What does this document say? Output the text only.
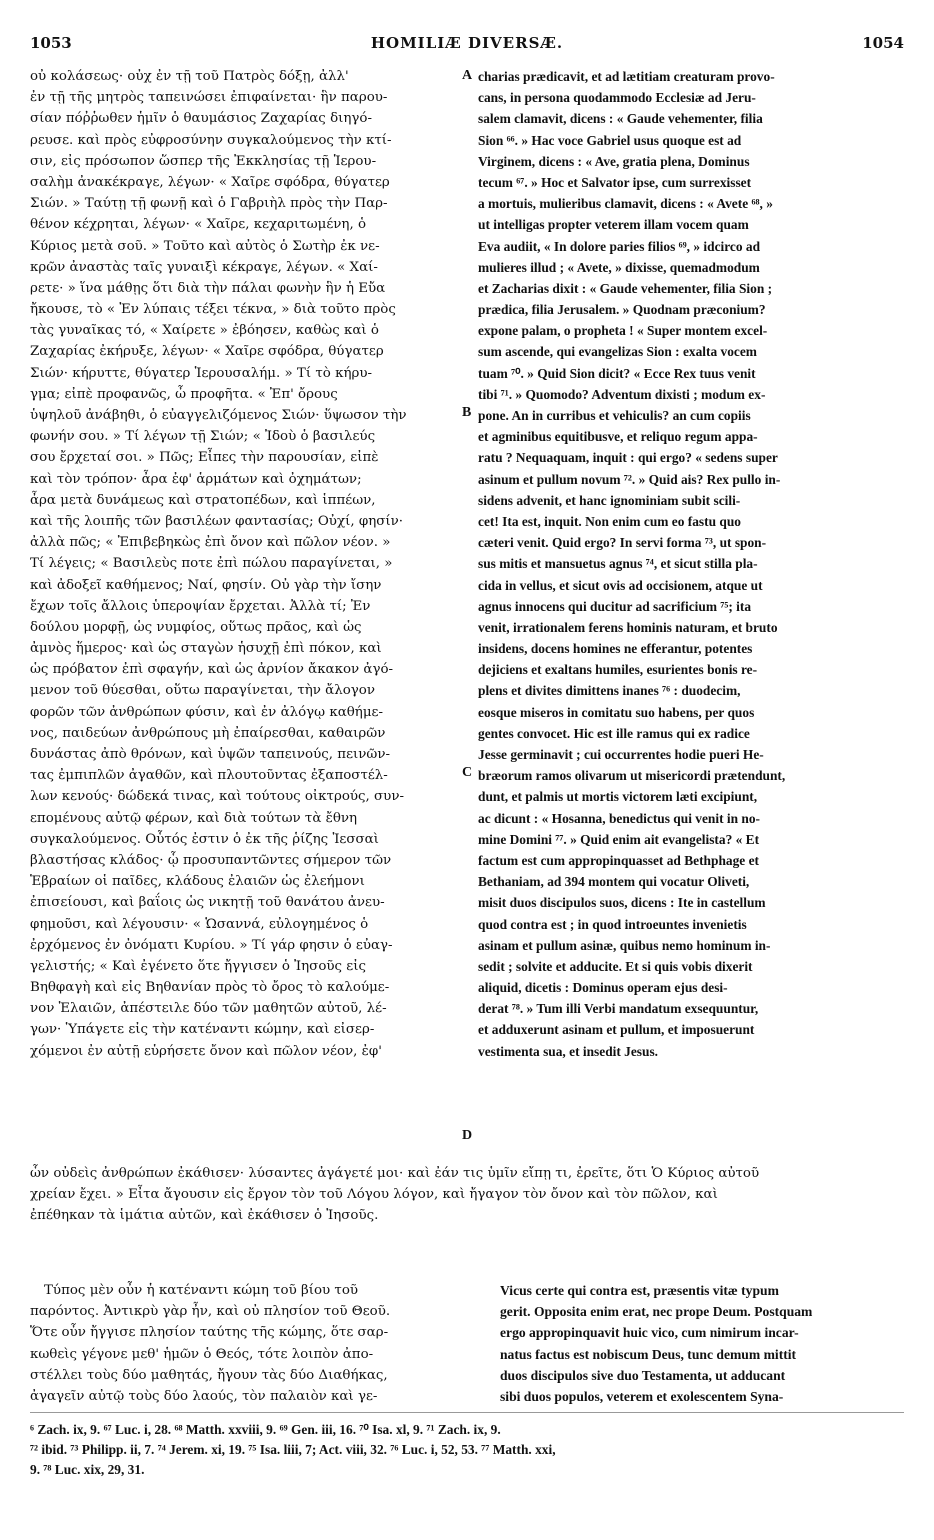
1053	HOMILIÆ DIVERSÆ.	1054
οὐ κολάσεως· οὐχ ἐν τῇ τοῦ Πατρὸς δόξῃ, ἀλλ'
ἐν τῇ τῆς μητρὸς ταπεινώσει ἐπιφαίνεται· ἣν παρου-
σίαν πόῤῥωθεν ἡμῖν ὁ θαυμάσιος Ζαχαρίας διηγό-
ρευσε. καὶ πρὸς εὐφροσύνην συγκαλούμενος τὴν κτί-
σιν, εἰς πρόσωπον ὥσπερ τῆς Ἐκκλησίας τῇ Ἱερου-
σαλὴμ ἀνακέκραγε, λέγων· « Χαῖρε σφόδρα, θύγατερ
Σιών. » Ταύτῃ τῇ φωνῇ καὶ ὁ Γαβριὴλ πρὸς τὴν Παρ-
θένον κέχρηται, λέγων· « Χαῖρε, κεχαριτωμένη, ὁ
Κύριος μετὰ σοῦ. » Τοῦτο καὶ αὐτὸς ὁ Σωτὴρ ἐκ νε-
κρῶν ἀναστὰς ταῖς γυναιξὶ κέκραγε, λέγων. « Χαί-
ρετε· » ἵνα μάθῃς ὅτι διὰ τὴν πάλαι φωνὴν ἣν ἡ Εὔα
ἤκουσε, τὸ « Ἐν λύπαις τέξει τέκνα, » διὰ τοῦτο πρὸς
τὰς γυναῖκας τό, « Χαίρετε » ἐβόησεν, καθὼς καὶ ὁ
Ζαχαρίας ἐκήρυξε, λέγων· « Χαῖρε σφόδρα, θύγατερ
Σιών· κήρυττε, θύγατερ Ἱερουσαλήμ. » Τί τὸ κήρυ-
γμα; εἰπὲ προφανῶς, ὦ προφῆτα. « Ἐπ' ὄρους
ὑψηλοῦ ἀνάβηθι, ὁ εὐαγγελιζόμενος Σιών· ὕψωσον τὴν
φωνήν σου. » Τί λέγων τῇ Σιών; « Ἰδοὺ ὁ βασιλεύς
σου ἔρχεταί σοι. » Πῶς; Εἶπες τὴν παρουσίαν, εἰπὲ
καὶ τὸν τρόπον· ἆρα ἐφ' ἁρμάτων καὶ ὀχημάτων;
ἆρα μετὰ δυνάμεως καὶ στρατοπέδων, καὶ ἱππέων,
καὶ τῆς λοιπῆς τῶν βασιλέων φαντασίας; Οὐχί, φησίν·
ἀλλὰ πῶς; « Ἐπιβεβηκὼς ἐπὶ ὄνον καὶ πῶλον νέον. »
Τί λέγεις; « Βασιλεὺς ποτε ἐπὶ πώλου παραγίνεται, »
καὶ ἀδοξεῖ καθήμενος; Ναί, φησίν. Οὐ γὰρ τὴν ἴσην
ἔχων τοῖς ἄλλοις ὑπεροψίαν ἔρχεται. Ἀλλὰ τί; Ἐν
δούλου μορφῇ, ὡς νυμφίος, οὕτως πρᾶος, καὶ ὡς
ἀμνὸς ἥμερος· καὶ ὡς σταγὼν ἡσυχῇ ἐπὶ πόκον, καὶ
ὡς πρόβατον ἐπὶ σφαγήν, καὶ ὡς ἀρνίον ἄκακον ἀγό-
μενον τοῦ θύεσθαι, οὕτω παραγίνεται, τὴν ἄλογον
φορῶν τῶν ἀνθρώπων φύσιν, καὶ ἐν ἀλόγῳ καθήμε-
νος, παιδεύων ἀνθρώπους μὴ ἐπαίρεσθαι, καθαιρῶν
δυνάστας ἀπὸ θρόνων, καὶ ὑψῶν ταπεινούς, πεινῶν-
τας ἐμπιπλῶν ἀγαθῶν, καὶ πλουτοῦντας ἐξαποστέλ-
λων κενούς· δώδεκά τινας, καὶ τούτους οἰκτρούς, συν-
επομένους αὐτῷ φέρων, καὶ διὰ τούτων τὰ ἔθνη
συγκαλούμενος. Οὗτός ἐστιν ὁ ἐκ τῆς ῥίζης Ἰεσσαὶ
βλαστήσας κλάδος· ᾧ προσυπαντῶντες σήμερον τῶν
Ἑβραίων οἱ παῖδες, κλάδους ἐλαιῶν ὡς ἐλεήμονι
ἐπισείουσι, καὶ βαΐοις ὡς νικητῇ τοῦ θανάτου ἀνευ-
φημοῦσι, καὶ λέγουσιν· « Ὡσαννά, εὐλογημένος ὁ
ἐρχόμενος ἐν ὀνόματι Κυρίου. » Τί γάρ φησιν ὁ εὐαγ-
γελιστής; « Καὶ ἐγένετο ὅτε ἤγγισεν ὁ Ἰησοῦς εἰς
Βηθφαγὴ καὶ εἰς Βηθανίαν πρὸς τὸ ὄρος τὸ καλούμε-
νον Ἐλαιῶν, ἀπέστειλε δύο τῶν μαθητῶν αὐτοῦ, λέ-
γων· Ὑπάγετε εἰς τὴν κατέναντι κώμην, καὶ εἰσερ-
χόμενοι ἐν αὐτῇ εὑρήσετε ὄνον καὶ πῶλον νέον, ἐφ'
charias prædicavit, et ad lætitiam creaturam provo-
cans, in persona quodammodo Ecclesiæ ad Jeru-
salem clamavit, dicens : « Gaude vehementer, filia
Sion ⁶⁶. » Hac voce Gabriel usus quoque est ad
Virginem, dicens : « Ave, gratia plena, Dominus
tecum ⁶⁷. » Hoc et Salvator ipse, cum surrexisset
a mortuis, mulieribus clamavit, dicens : « Avete ⁶⁸, »
ut intelligas propter veterem illam vocem quam
Eva audiit, « In dolore paries filios ⁶⁹, » idcirco ad
mulieres illud ; « Avete, » dixisse, quemadmodum
et Zacharias dixit : « Gaude vehementer, filia Sion ;
prædica, filia Jerusalem. » Quodnam præconium?
expone palam, o propheta ! « Super montem excel-
sum ascende, qui evangelizas Sion : exalta vocem
tuam ⁷⁰. » Quid Sion dicit? « Ecce Rex tuus venit
tibi ⁷¹. » Quomodo? Adventum dixisti ; modum ex-
pone. An in curribus et vehiculis? an cum copiis
et agminibus equitibusve, et reliquo regum appa-
ratu ? Nequaquam, inquit : qui ergo? « sedens super
asinum et pullum novum ⁷². » Quid ais? Rex pullo in-
sidens advenit, et hanc ignominiam subit scili-
cet! Ita est, inquit. Non enim cum eo fastu quo
cæteri venit. Quid ergo? In servi forma ⁷³, ut spon-
sus mitis et mansuetus agnus ⁷⁴, et sicut stilla pla-
cida in vellus, et sicut ovis ad occisionem, atque ut
agnus innocens qui ducitur ad sacrificium ⁷⁵; ita
venit, irrationalem ferens hominis naturam, et bruto
insidens, docens homines ne efferantur, potentes
dejiciens et exaltans humiles, esurientes bonis re-
plens et divites dimittens inanes ⁷⁶ : duodecim,
eosque miseros in comitatu suo habens, per quos
gentes convocet. Hic est ille ramus qui ex radice
Jesse germinavit ; cui occurrentes hodie pueri He-
bræorum ramos olivarum ut misericordi prætendunt,
dunt, et palmis ut mortis victorem læti excipiunt,
ac dicunt : « Hosanna, benedictus qui venit in no-
mine Domini ⁷⁷. » Quid enim ait evangelista? « Et
factum est cum appropinquasset ad Bethphage et
Bethaniam, ad 394 montem qui vocatur Oliveti,
misit duos discipulos suos, dicens : Ite in castellum
quod contra est ; in quod introeuntes invenietis
asinam et pullum asinæ, quibus nemo hominum in-
sedit ; solvite et adducite. Et si quis vobis dixerit
aliquid, dicetis : Dominus operam ejus desi-
derat ⁷⁸. » Tum illi Verbi mandatum exsequuntur,
et adduxerunt asinam et pullum, et imposuerunt
vestimenta sua, et insedit Jesus.
A
B
C
D
ὧν οὐδεὶς ἀνθρώπων ἐκάθισεν· λύσαντες ἀγάγετέ μοι· καὶ ἐάν τις ὑμῖν εἴπῃ τι, ἐρεῖτε, ὅτι Ὁ Κύριος αὐτοῦ
χρείαν ἔχει. » Εἶτα ἄγουσιν εἰς ἔργον τὸν τοῦ Λόγου λόγον, καὶ ἤγαγον τὸν ὄνον καὶ τὸν πῶλον, καὶ
ἐπέθηκαν τὰ ἱμάτια αὐτῶν, καὶ ἐκάθισεν ὁ Ἰησοῦς.
Τύπος μὲν οὖν ἡ κατέναντι κώμη τοῦ βίου τοῦ
παρόντος. Ἀντικρὺ γὰρ ἦν, καὶ οὐ πλησίον τοῦ Θεοῦ.
Ὅτε οὖν ἤγγισε πλησίον ταύτης τῆς κώμης, ὅτε σαρ-
κωθεὶς γέγονε μεθ' ἡμῶν ὁ Θεός, τότε λοιπὸν ἀπο-
στέλλει τοὺς δύο μαθητάς, ἤγουν τὰς δύο Διαθήκας,
ἀγαγεῖν αὐτῷ τοὺς δύο λαούς, τὸν παλαιὸν καὶ γε-
Vicus certe qui contra est, præsentis vitæ typum
gerit. Opposita enim erat, nec prope Deum. Postquam
ergo appropinquavit huic vico, cum nimirum incar-
natus factus est nobiscum Deus, tunc demum mittit
duos discipulos sive duo Testamenta, ut adducant
sibi duos populos, veterem et exolescentem Syna-
⁶ Zach. ix, 9. ⁶⁷ Luc. i, 28. ⁶⁸ Matth. xxviii, 9. ⁶⁹ Gen. iii, 16. ⁷⁰ Isa. xl, 9. ⁷¹ Zach. ix, 9.
⁷² ibid. ⁷³ Philipp. ii, 7. ⁷⁴ Jerem. xi, 19. ⁷⁵ Isa. liii, 7; Act. viii, 32. ⁷⁶ Luc. i, 52, 53. ⁷⁷ Matth. xxi,
9. ⁷⁸ Luc. xix, 29, 31.
